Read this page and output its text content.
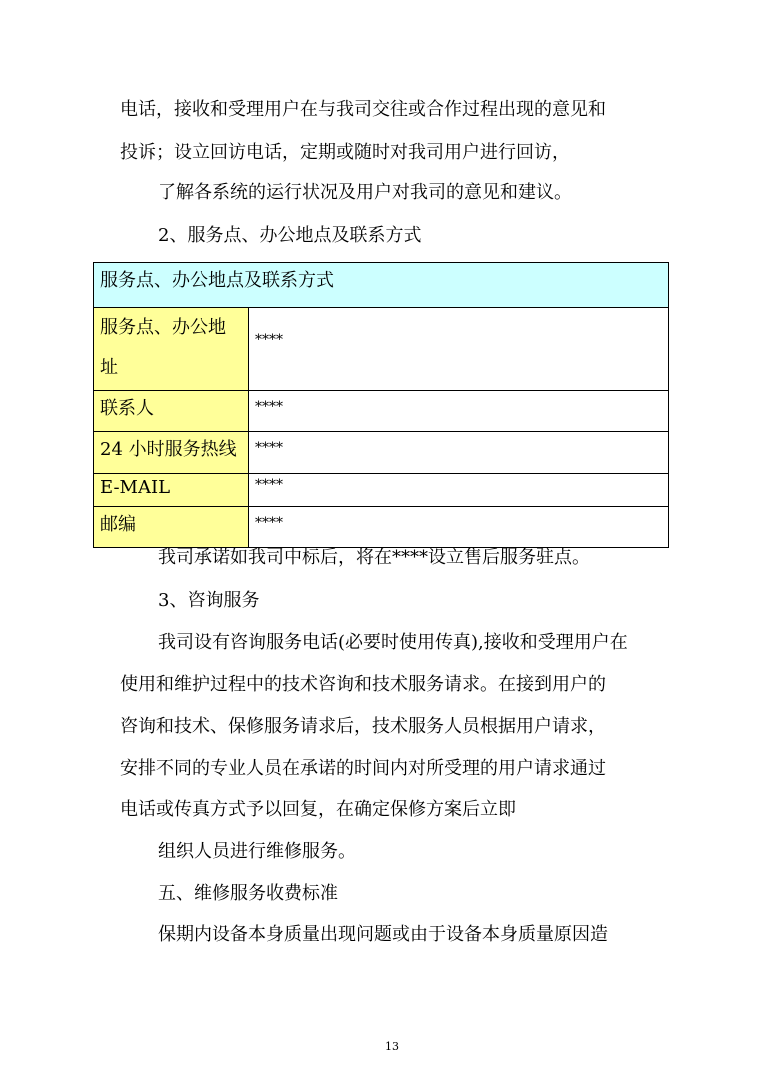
电话，接收和受理用户在与我司交往或合作过程出现的意见和
投诉；设立回访电话，定期或随时对我司用户进行回访，
了解各系统的运行状况及用户对我司的意见和建议。
2、服务点、办公地点及联系方式
服务点、办公地点及联系方式	
服务点、办公地址	****
联系人	****
24 小时服务热线	****
E-MAIL	****
邮编	****
我司承诺如我司中标后，将在****设立售后服务驻点。
3、咨询服务
我司设有咨询服务电话(必要时使用传真),接收和受理用户在
使用和维护过程中的技术咨询和技术服务请求。在接到用户的
咨询和技术、保修服务请求后，技术服务人员根据用户请求，
安排不同的专业人员在承诺的时间内对所受理的用户请求通过
电话或传真方式予以回复，在确定保修方案后立即
组织人员进行维修服务。
五、维修服务收费标准
保期内设备本身质量出现问题或由于设备本身质量原因造
13
